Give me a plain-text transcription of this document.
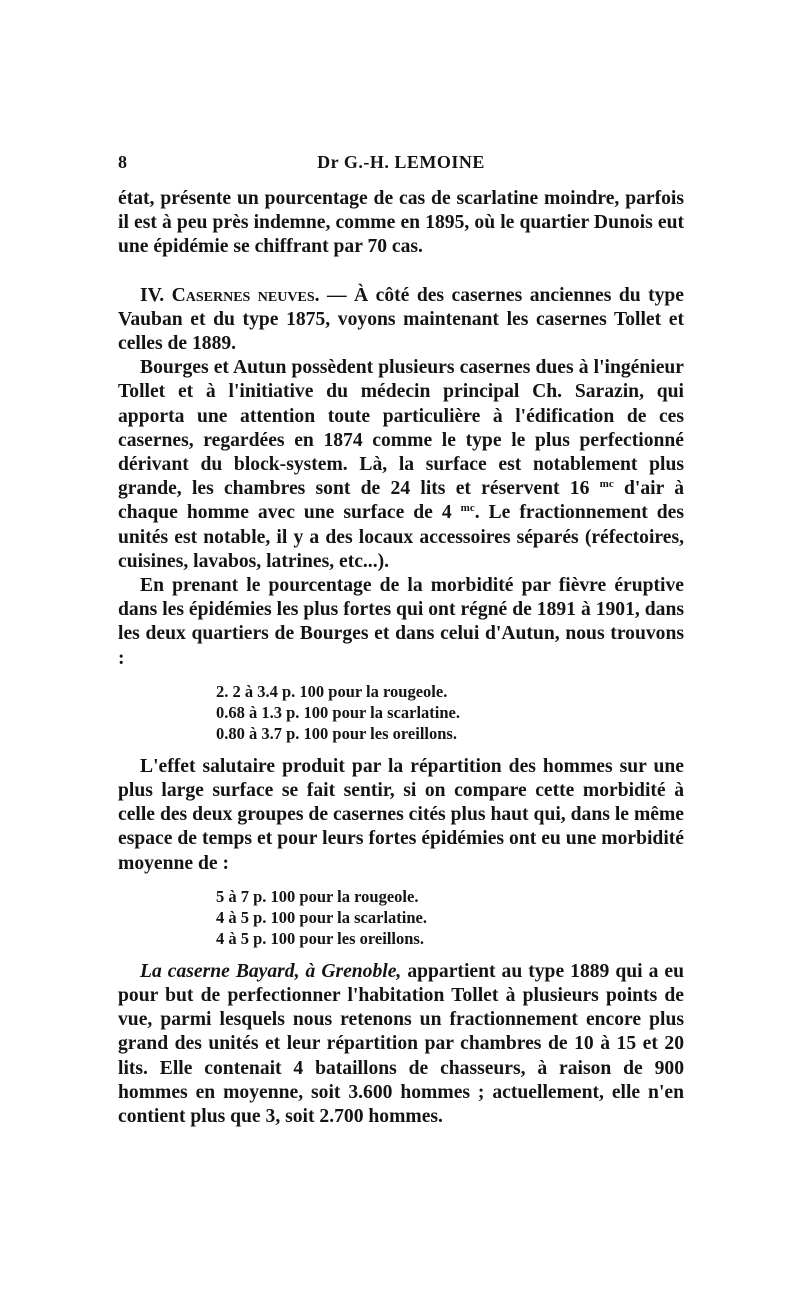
8	Dr G.-H. LEMOINE

état, présente un pourcentage de cas de scarlatine moindre, parfois il est à peu près indemne, comme en 1895, où le quartier Dunois eut une épidémie se chiffrant par 70 cas.

IV. Casernes neuves. — À côté des casernes anciennes du type Vauban et du type 1875, voyons maintenant les casernes Tollet et celles de 1889.

Bourges et Autun possèdent plusieurs casernes dues à l'ingénieur Tollet et à l'initiative du médecin principal Ch. Sarazin, qui apporta une attention toute particulière à l'édification de ces casernes, regardées en 1874 comme le type le plus perfectionné dérivant du block-system. Là, la surface est notablement plus grande, les chambres sont de 24 lits et réservent 16 $^{mc}$ d'air à chaque homme avec une surface de 4 $^{mc}$. Le fractionnement des unités est notable, il y a des locaux accessoires séparés (réfectoires, cuisines, lavabos, latrines, etc...).

En prenant le pourcentage de la morbidité par fièvre éruptive dans les épidémies les plus fortes qui ont régné de 1891 à 1901, dans les deux quartiers de Bourges et dans celui d'Autun, nous trouvons :

2. 2 à 3.4 p. 100 pour la rougeole.
0.68 à 1.3 p. 100 pour la scarlatine.
0.80 à 3.7 p. 100 pour les oreillons.

L'effet salutaire produit par la répartition des hommes sur une plus large surface se fait sentir, si on compare cette morbidité à celle des deux groupes de casernes cités plus haut qui, dans le même espace de temps et pour leurs fortes épidémies ont eu une morbidité moyenne de :

5 à 7 p. 100 pour la rougeole.
4 à 5 p. 100 pour la scarlatine.
4 à 5 p. 100 pour les oreillons.

La caserne Bayard, à Grenoble, appartient au type 1889 qui a eu pour but de perfectionner l'habitation Tollet à plusieurs points de vue, parmi lesquels nous retenons un fractionnement encore plus grand des unités et leur répartition par chambres de 10 à 15 et 20 lits. Elle contenait 4 bataillons de chasseurs, à raison de 900 hommes en moyenne, soit 3.600 hommes ; actuellement, elle n'en contient plus que 3, soit 2.700 hommes.
